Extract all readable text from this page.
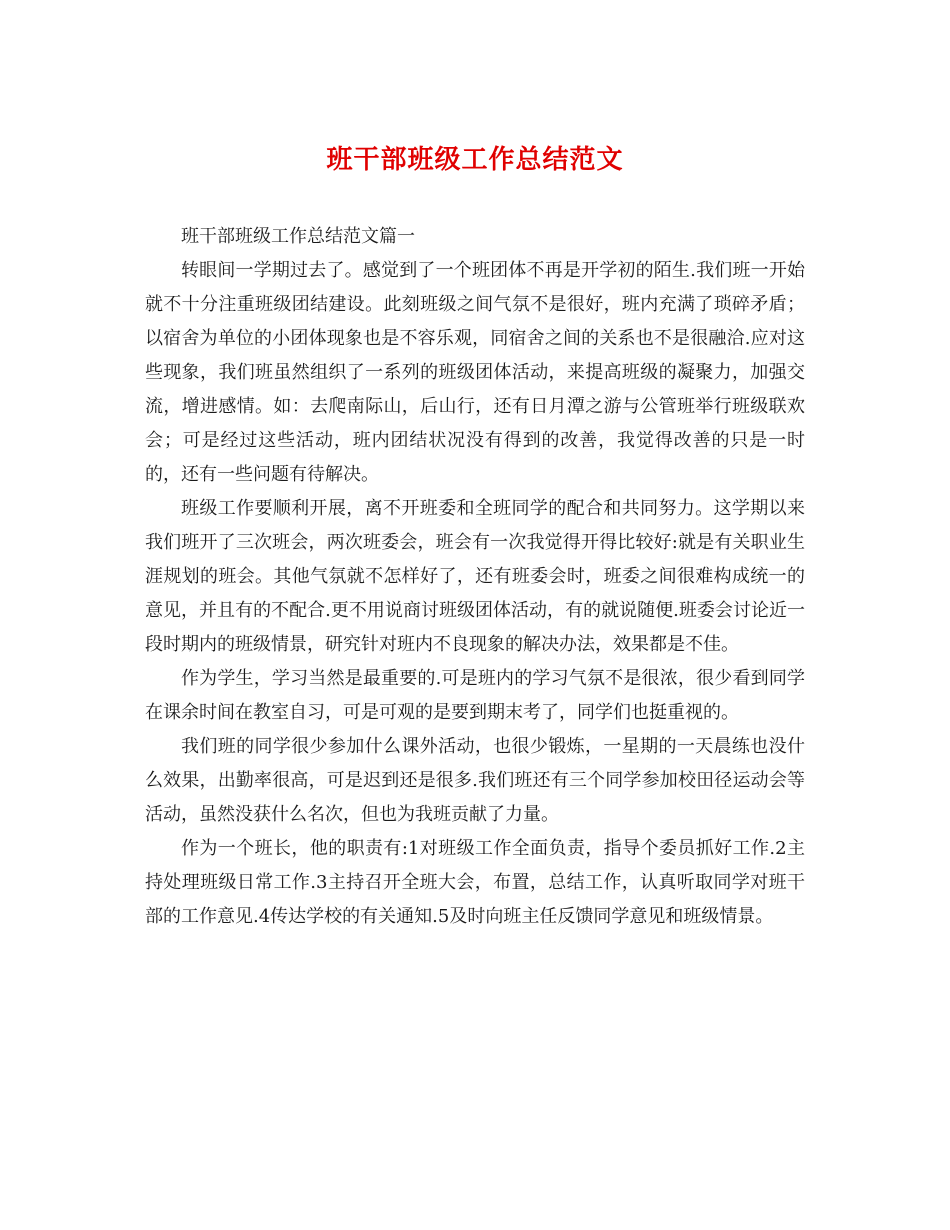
班干部班级工作总结范文

班干部班级工作总结范文篇一

转眼间一学期过去了。感觉到了一个班团体不再是开学初的陌生.我们班一开始就不十分注重班级团结建设。此刻班级之间气氛不是很好，班内充满了琐碎矛盾；以宿舍为单位的小团体现象也是不容乐观，同宿舍之间的关系也不是很融洽.应对这些现象，我们班虽然组织了一系列的班级团体活动，来提高班级的凝聚力，加强交流，增进感情。如：去爬南际山，后山行，还有日月潭之游与公管班举行班级联欢会；可是经过这些活动，班内团结状况没有得到的改善，我觉得改善的只是一时的，还有一些问题有待解决。

班级工作要顺利开展，离不开班委和全班同学的配合和共同努力。这学期以来我们班开了三次班会，两次班委会，班会有一次我觉得开得比较好:就是有关职业生涯规划的班会。其他气氛就不怎样好了，还有班委会时，班委之间很难构成统一的意见，并且有的不配合.更不用说商讨班级团体活动，有的就说随便.班委会讨论近一段时期内的班级情景，研究针对班内不良现象的解决办法，效果都是不佳。

作为学生，学习当然是最重要的.可是班内的学习气氛不是很浓，很少看到同学在课余时间在教室自习，可是可观的是要到期末考了，同学们也挺重视的。

我们班的同学很少参加什么课外活动，也很少锻炼，一星期的一天晨练也没什么效果，出勤率很高，可是迟到还是很多.我们班还有三个同学参加校田径运动会等活动，虽然没获什么名次，但也为我班贡献了力量。

作为一个班长，他的职责有:1对班级工作全面负责，指导个委员抓好工作.2主持处理班级日常工作.3主持召开全班大会，布置，总结工作，认真听取同学对班干部的工作意见.4传达学校的有关通知.5及时向班主任反馈同学意见和班级情景。
